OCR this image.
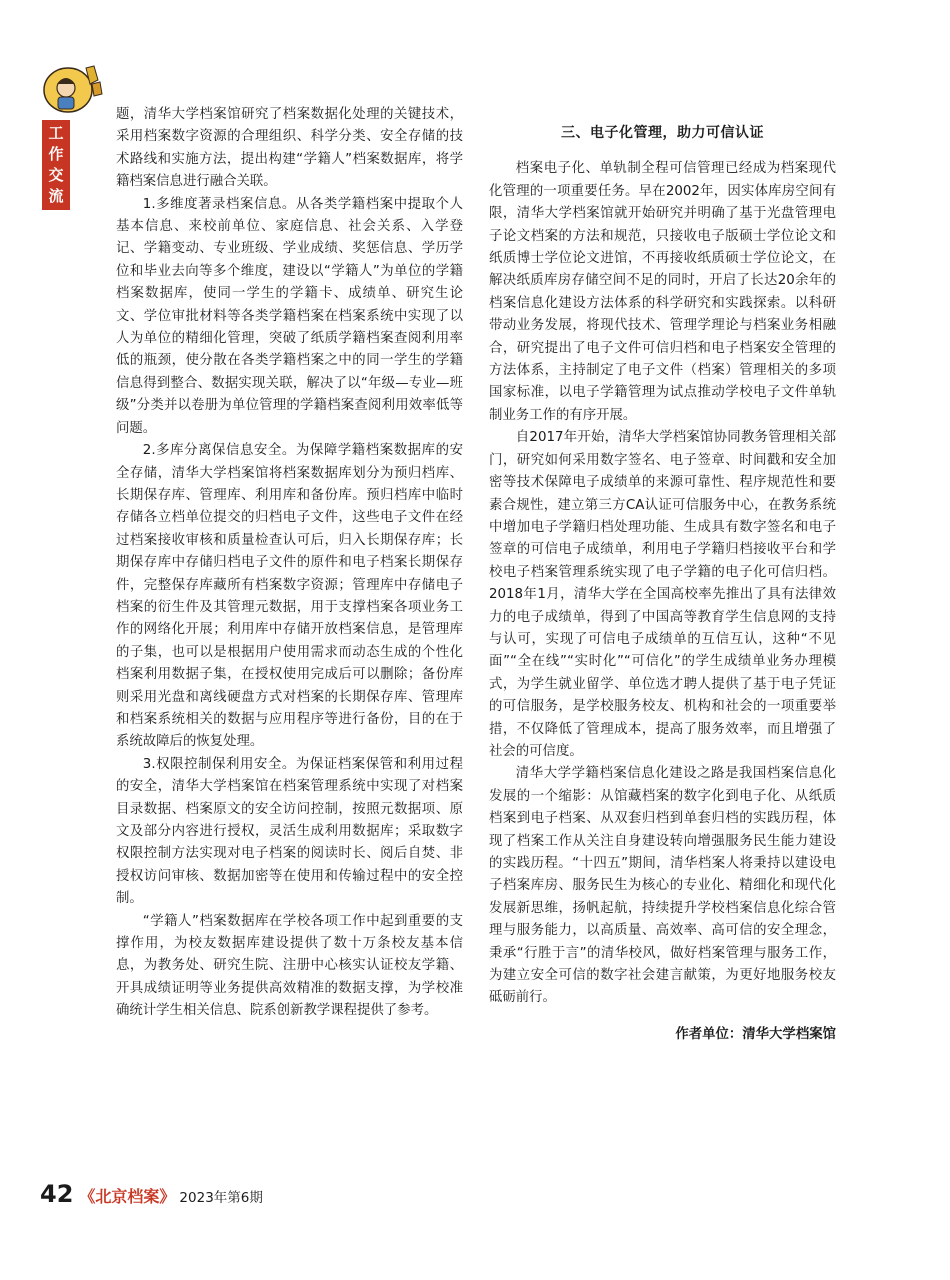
工
作
交
流

题，清华大学档案馆研究了档案数据化处理的关键技术，采用档案数字资源的合理组织、科学分类、安全存储的技术路线和实施方法，提出构建“学籍人”档案数据库，将学籍档案信息进行融合关联。

1.多维度著录档案信息。从各类学籍档案中提取个人基本信息、来校前单位、家庭信息、社会关系、入学登记、学籍变动、专业班级、学业成绩、奖惩信息、学历学位和毕业去向等多个维度，建设以“学籍人”为单位的学籍档案数据库，使同一学生的学籍卡、成绩单、研究生论文、学位审批材料等各类学籍档案在档案系统中实现了以人为单位的精细化管理，突破了纸质学籍档案查阅利用率低的瓶颈，使分散在各类学籍档案之中的同一学生的学籍信息得到整合、数据实现关联，解决了以“年级—专业—班级”分类并以卷册为单位管理的学籍档案查阅利用效率低等问题。

2.多库分离保信息安全。为保障学籍档案数据库的安全存储，清华大学档案馆将档案数据库划分为预归档库、长期保存库、管理库、利用库和备份库。预归档库中临时存储各立档单位提交的归档电子文件，这些电子文件在经过档案接收审核和质量检查认可后，归入长期保存库；长期保存库中存储归档电子文件的原件和电子档案长期保存件，完整保存库藏所有档案数字资源；管理库中存储电子档案的衍生件及其管理元数据，用于支撑档案各项业务工作的网络化开展；利用库中存储开放档案信息，是管理库的子集，也可以是根据用户使用需求而动态生成的个性化档案利用数据子集，在授权使用完成后可以删除；备份库则采用光盘和离线硬盘方式对档案的长期保存库、管理库和档案系统相关的数据与应用程序等进行备份，目的在于系统故障后的恢复处理。

3.权限控制保利用安全。为保证档案保管和利用过程的安全，清华大学档案馆在档案管理系统中实现了对档案目录数据、档案原文的安全访问控制，按照元数据项、原文及部分内容进行授权，灵活生成利用数据库；采取数字权限控制方法实现对电子档案的阅读时长、阅后自焚、非授权访问审核、数据加密等在使用和传输过程中的安全控制。

“学籍人”档案数据库在学校各项工作中起到重要的支撑作用，为校友数据库建设提供了数十万条校友基本信息，为教务处、研究生院、注册中心核实认证校友学籍、开具成绩证明等业务提供高效精准的数据支撑，为学校准确统计学生相关信息、院系创新教学课程提供了参考。

三、电子化管理，助力可信认证

档案电子化、单轨制全程可信管理已经成为档案现代化管理的一项重要任务。早在2002年，因实体库房空间有限，清华大学档案馆就开始研究并明确了基于光盘管理电子论文档案的方法和规范，只接收电子版硕士学位论文和纸质博士学位论文进馆，不再接收纸质硕士学位论文，在解决纸质库房存储空间不足的同时，开启了长达20余年的档案信息化建设方法体系的科学研究和实践探索。以科研带动业务发展，将现代技术、管理学理论与档案业务相融合，研究提出了电子文件可信归档和电子档案安全管理的方法体系，主持制定了电子文件（档案）管理相关的多项国家标准，以电子学籍管理为试点推动学校电子文件单轨制业务工作的有序开展。

自2017年开始，清华大学档案馆协同教务管理相关部门，研究如何采用数字签名、电子签章、时间戳和安全加密等技术保障电子成绩单的来源可靠性、程序规范性和要素合规性，建立第三方CA认证可信服务中心，在教务系统中增加电子学籍归档处理功能、生成具有数字签名和电子签章的可信电子成绩单，利用电子学籍归档接收平台和学校电子档案管理系统实现了电子学籍的电子化可信归档。2018年1月，清华大学在全国高校率先推出了具有法律效力的电子成绩单，得到了中国高等教育学生信息网的支持与认可，实现了可信电子成绩单的互信互认，这种“不见面”“全在线”“实时化”“可信化”的学生成绩单业务办理模式，为学生就业留学、单位选才聘人提供了基于电子凭证的可信服务，是学校服务校友、机构和社会的一项重要举措，不仅降低了管理成本，提高了服务效率，而且增强了社会的可信度。

清华大学学籍档案信息化建设之路是我国档案信息化发展的一个缩影：从馆藏档案的数字化到电子化、从纸质档案到电子档案、从双套归档到单套归档的实践历程，体现了档案工作从关注自身建设转向增强服务民生能力建设的实践历程。“十四五”期间，清华档案人将秉持以建设电子档案库房、服务民生为核心的专业化、精细化和现代化发展新思维，扬帆起航，持续提升学校档案信息化综合管理与服务能力，以高质量、高效率、高可信的安全理念，秉承“行胜于言”的清华校风，做好档案管理与服务工作，为建立安全可信的数字社会建言献策，为更好地服务校友砥砺前行。

作者单位：清华大学档案馆
42 《北京档案》 2023年第6期
